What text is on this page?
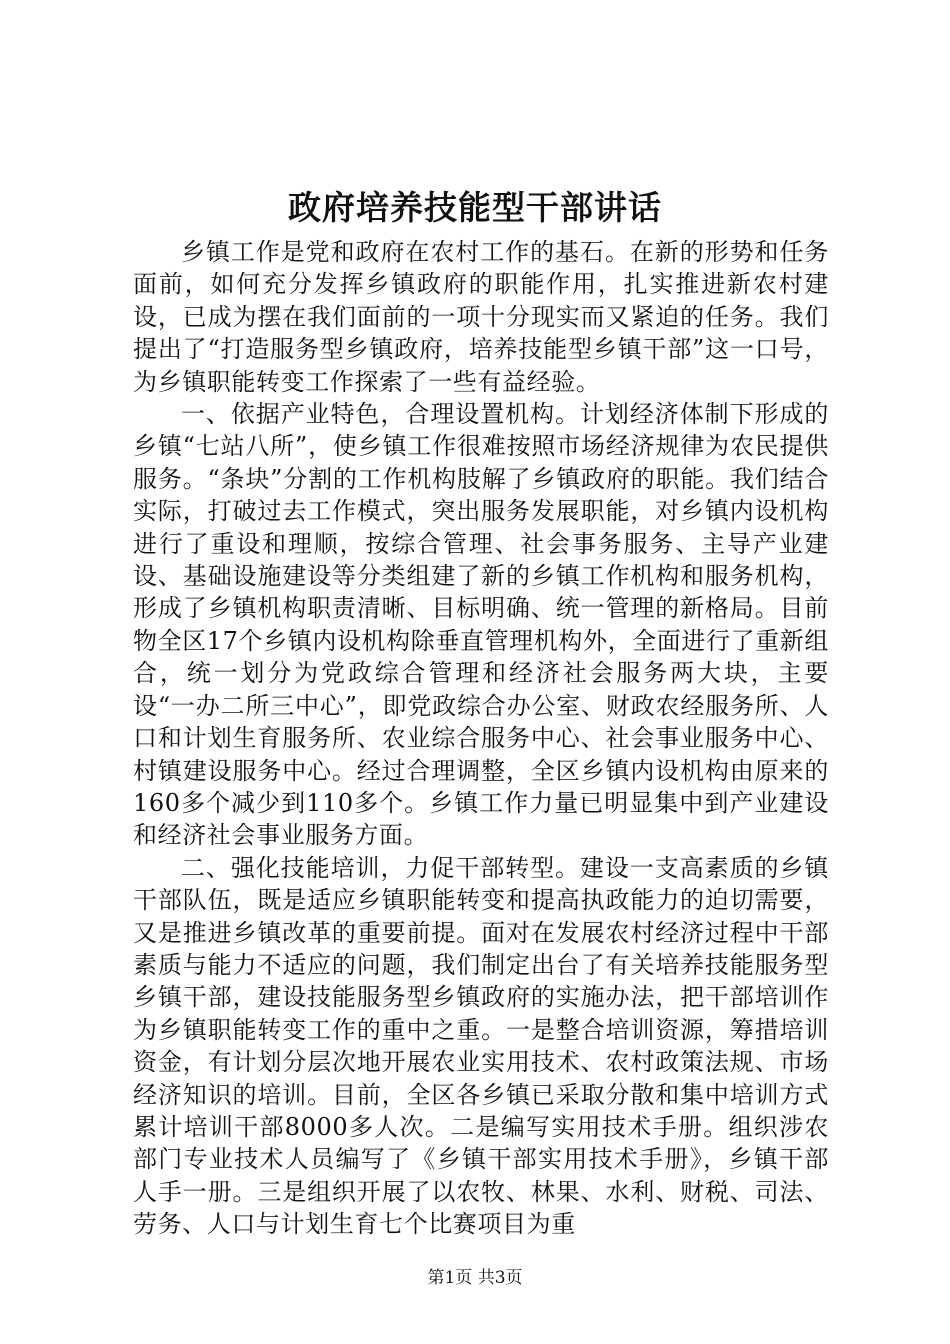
政府培养技能型干部讲话

乡镇工作是党和政府在农村工作的基石。在新的形势和任务面前，如何充分发挥乡镇政府的职能作用，扎实推进新农村建设，已成为摆在我们面前的一项十分现实而又紧迫的任务。我们提出了“打造服务型乡镇政府，培养技能型乡镇干部”这一口号，为乡镇职能转变工作探索了一些有益经验。

一、依据产业特色，合理设置机构。计划经济体制下形成的乡镇“七站八所”，使乡镇工作很难按照市场经济规律为农民提供服务。“条块”分割的工作机构肢解了乡镇政府的职能。我们结合实际，打破过去工作模式，突出服务发展职能，对乡镇内设机构进行了重设和理顺，按综合管理、社会事务服务、主导产业建设、基础设施建设等分类组建了新的乡镇工作机构和服务机构，形成了乡镇机构职责清晰、目标明确、统一管理的新格局。目前物全区17个乡镇内设机构除垂直管理机构外，全面进行了重新组合，统一划分为党政综合管理和经济社会服务两大块，主要设“一办二所三中心”，即党政综合办公室、财政农经服务所、人口和计划生育服务所、农业综合服务中心、社会事业服务中心、村镇建设服务中心。经过合理调整，全区乡镇内设机构由原来的160多个减少到110多个。乡镇工作力量已明显集中到产业建设和经济社会事业服务方面。

二、强化技能培训，力促干部转型。建设一支高素质的乡镇干部队伍，既是适应乡镇职能转变和提高执政能力的迫切需要，又是推进乡镇改革的重要前提。面对在发展农村经济过程中干部素质与能力不适应的问题，我们制定出台了有关培养技能服务型乡镇干部，建设技能服务型乡镇政府的实施办法，把干部培训作为乡镇职能转变工作的重中之重。一是整合培训资源，筹措培训资金，有计划分层次地开展农业实用技术、农村政策法规、市场经济知识的培训。目前，全区各乡镇已采取分散和集中培训方式累计培训干部8000多人次。二是编写实用技术手册。组织涉农部门专业技术人员编写了《乡镇干部实用技术手册》，乡镇干部人手一册。三是组织开展了以农牧、林果、水利、财税、司法、劳务、人口与计划生育七个比赛项目为重

第1页 共3页
